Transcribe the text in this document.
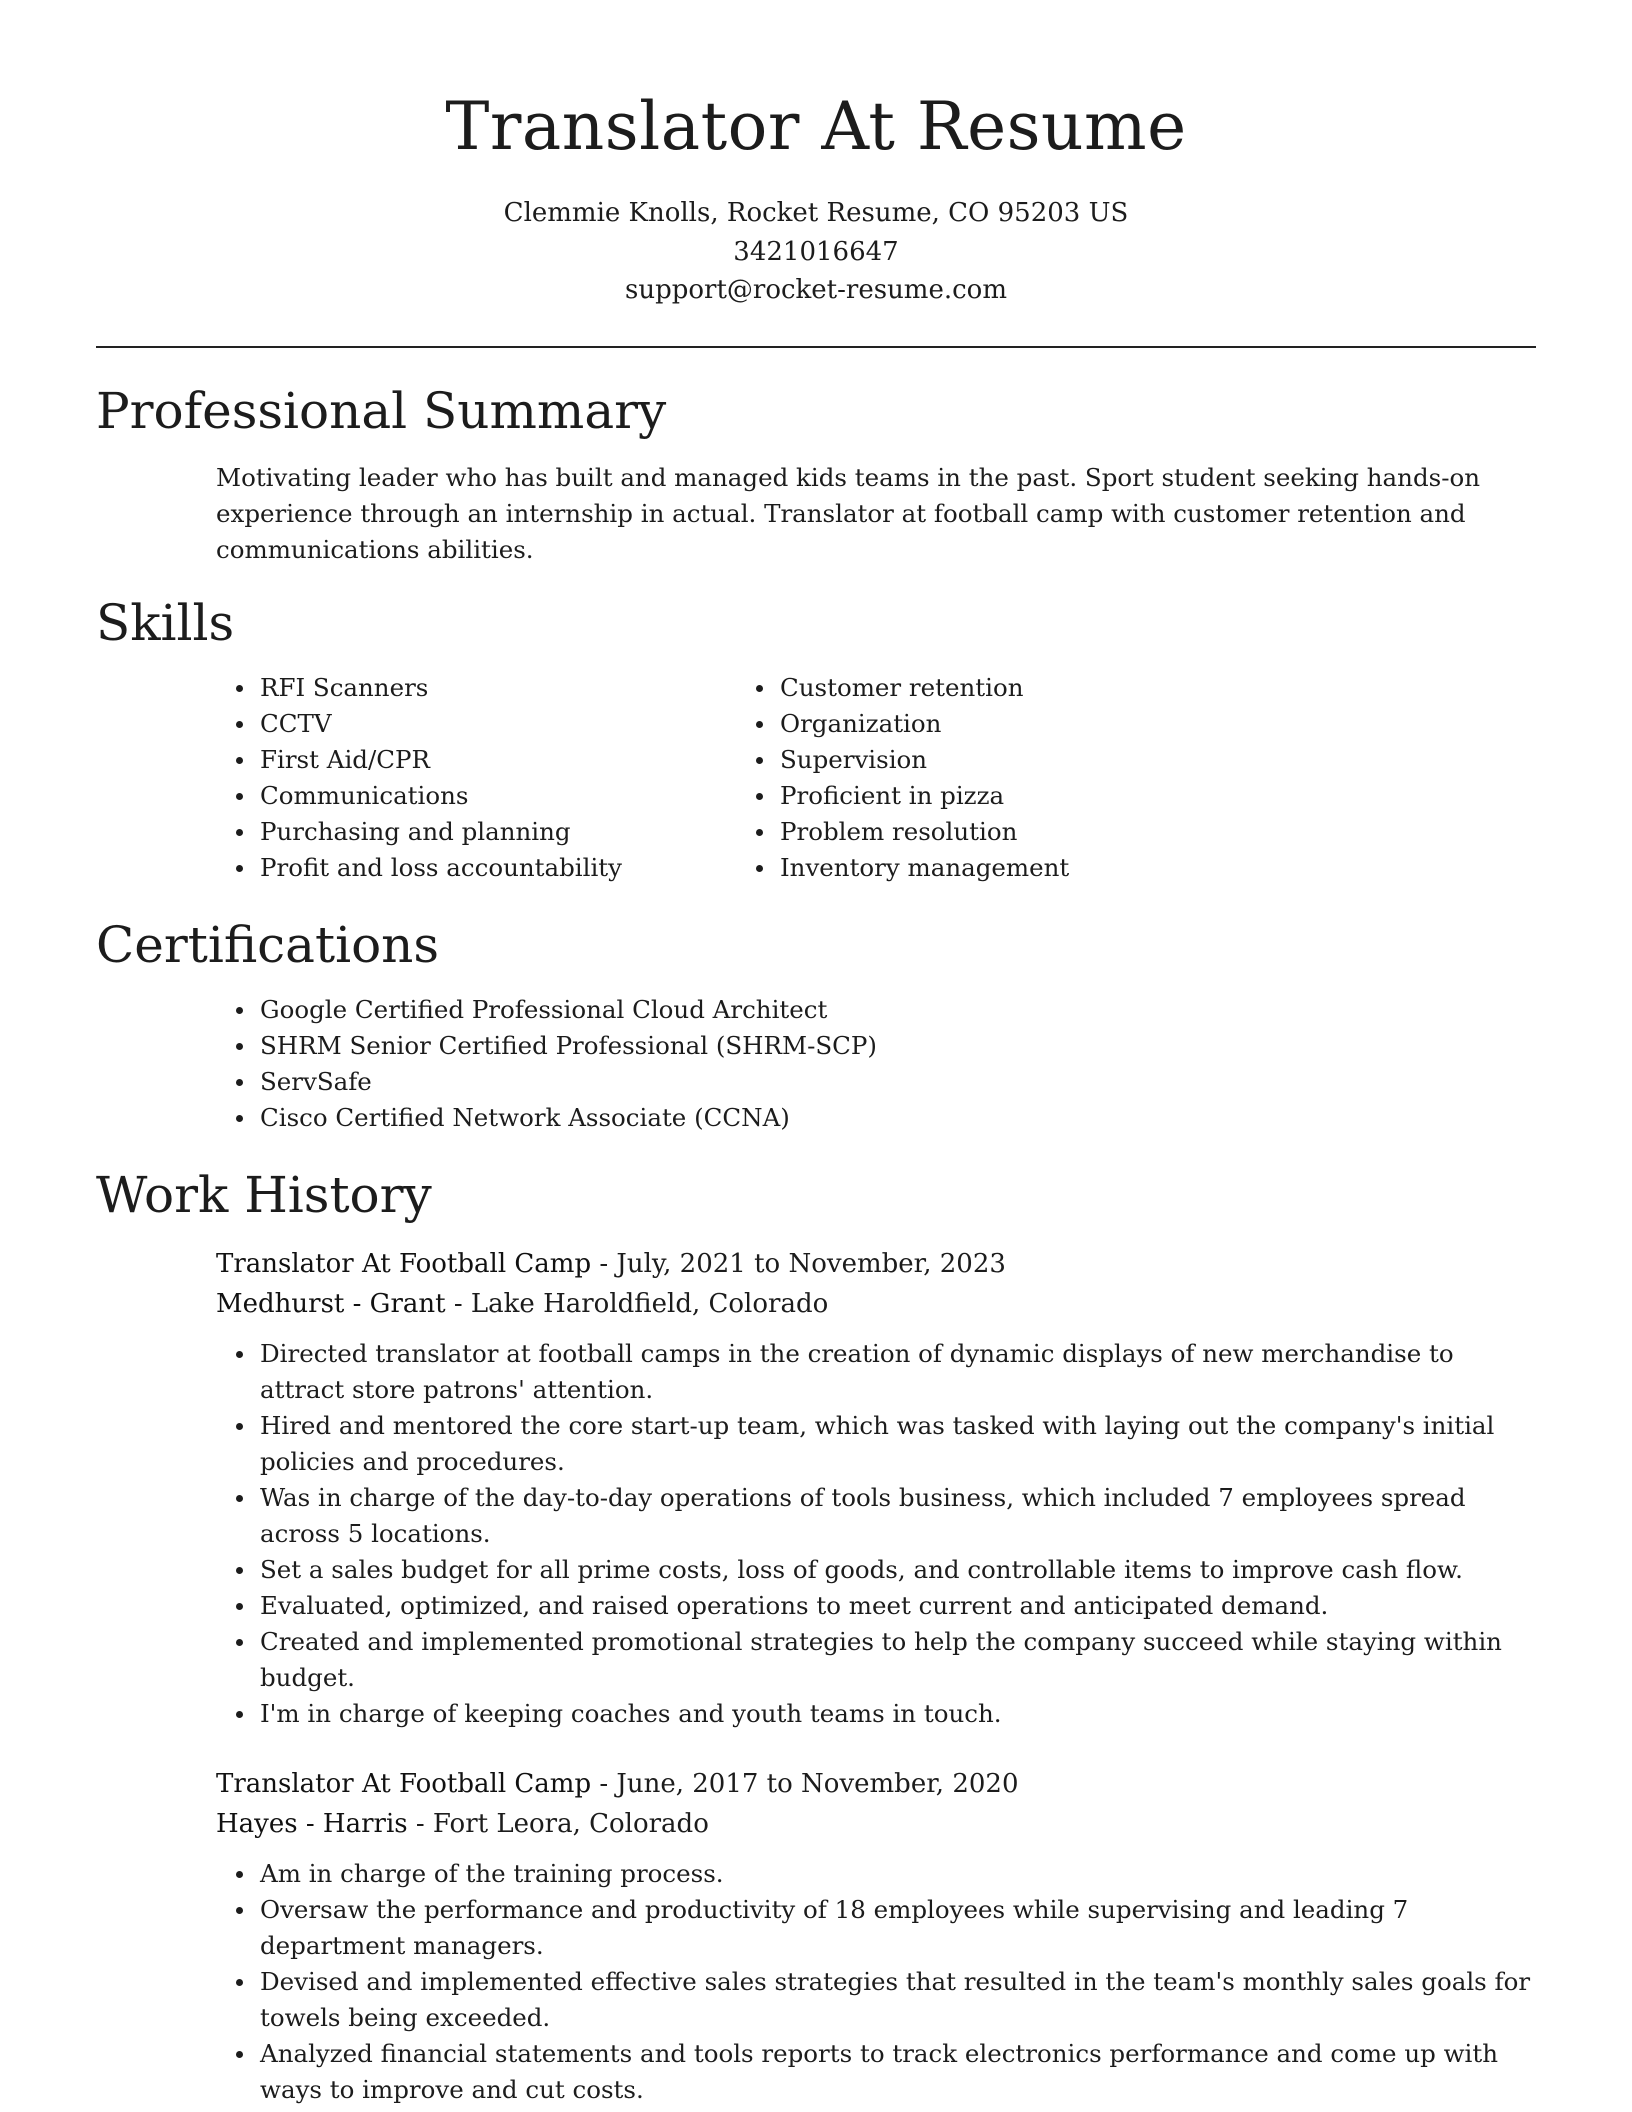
Translator At Resume
Clemmie Knolls, Rocket Resume, CO 95203 US
3421016647
support@rocket-resume.com
Professional Summary

Motivating leader who has built and managed kids teams in the past. Sport student seeking hands-on experience through an internship in actual. Translator at football camp with customer retention and communications abilities.

Skills
RFI Scanners
CCTV
First Aid/CPR
Communications
Purchasing and planning
Profit and loss accountability
Customer retention
Organization
Supervision
Proficient in pizza
Problem resolution
Inventory management
Certifications
Google Certified Professional Cloud Architect
SHRM Senior Certified Professional (SHRM-SCP)
ServSafe
Cisco Certified Network Associate (CCNA)
Work History
Translator At Football Camp - July, 2021 to November, 2023
Medhurst - Grant - Lake Haroldfield, Colorado
Directed translator at football camps in the creation of dynamic displays of new merchandise to attract store patrons' attention.
Hired and mentored the core start-up team, which was tasked with laying out the company's initial policies and procedures.
Was in charge of the day-to-day operations of tools business, which included 7 employees spread across 5 locations.
Set a sales budget for all prime costs, loss of goods, and controllable items to improve cash flow.
Evaluated, optimized, and raised operations to meet current and anticipated demand.
Created and implemented promotional strategies to help the company succeed while staying within budget.
I'm in charge of keeping coaches and youth teams in touch.
Translator At Football Camp - June, 2017 to November, 2020
Hayes - Harris - Fort Leora, Colorado
Am in charge of the training process.
Oversaw the performance and productivity of 18 employees while supervising and leading 7 department managers.
Devised and implemented effective sales strategies that resulted in the team's monthly sales goals for towels being exceeded.
Analyzed financial statements and tools reports to track electronics performance and come up with ways to improve and cut costs.
